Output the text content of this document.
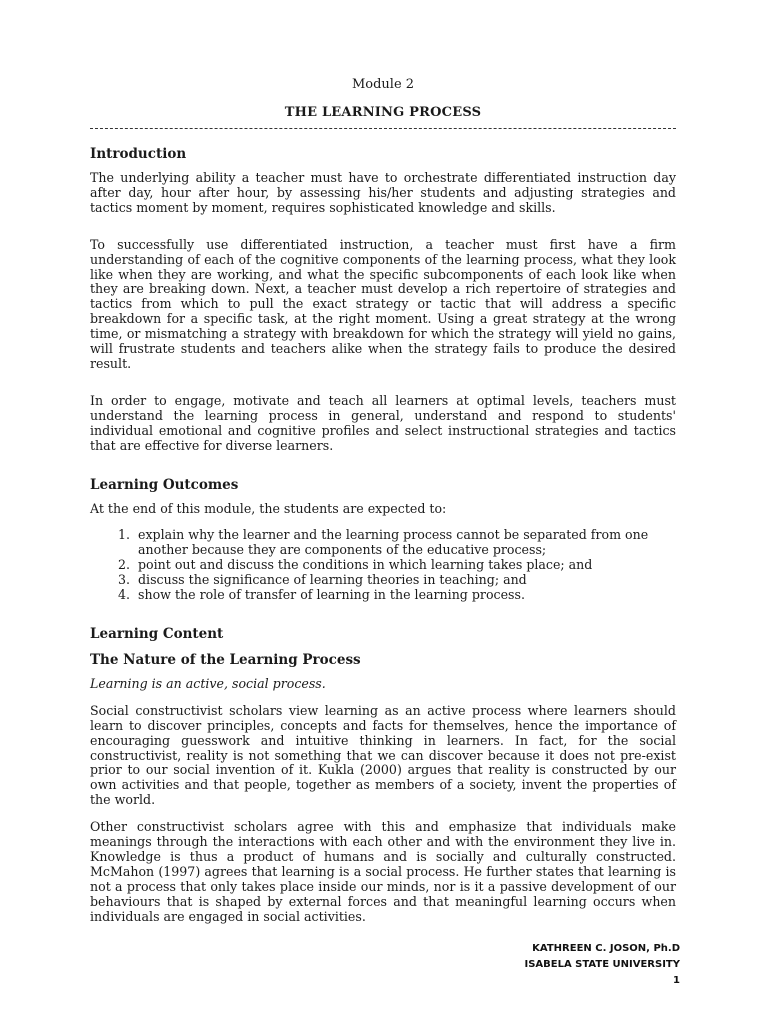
Module 2
THE LEARNING PROCESS
Introduction

The underlying ability a teacher must have to orchestrate differentiated instruction day after day, hour after hour, by assessing his/her students and adjusting strategies and tactics moment by moment, requires sophisticated knowledge and skills.

To successfully use differentiated instruction, a teacher must first have a firm understanding of each of the cognitive components of the learning process, what they look like when they are working, and what the specific subcomponents of each look like when they are breaking down. Next, a teacher must develop a rich repertoire of strategies and tactics from which to pull the exact strategy or tactic that will address a specific breakdown for a specific task, at the right moment. Using a great strategy at the wrong time, or mismatching a strategy with breakdown for which the strategy will yield no gains, will frustrate students and teachers alike when the strategy fails to produce the desired result.

In order to engage, motivate and teach all learners at optimal levels, teachers must understand the learning process in general, understand and respond to students' individual emotional and cognitive profiles and select instructional strategies and tactics that are effective for diverse learners.

Learning Outcomes

At the end of this module, the students are expected to:

1. explain why the learner and the learning process cannot be separated from one another because they are components of the educative process;
2. point out and discuss the conditions in which learning takes place; and
3. discuss the significance of learning theories in teaching; and
4. show the role of transfer of learning in the learning process.
Learning Content
The Nature of the Learning Process

Learning is an active, social process.

Social constructivist scholars view learning as an active process where learners should learn to discover principles, concepts and facts for themselves, hence the importance of encouraging guesswork and intuitive thinking in learners. In fact, for the social constructivist, reality is not something that we can discover because it does not pre-exist prior to our social invention of it. Kukla (2000) argues that reality is constructed by our own activities and that people, together as members of a society, invent the properties of the world.

Other constructivist scholars agree with this and emphasize that individuals make meanings through the interactions with each other and with the environment they live in. Knowledge is thus a product of humans and is socially and culturally constructed. McMahon (1997) agrees that learning is a social process. He further states that learning is not a process that only takes place inside our minds, nor is it a passive development of our behaviours that is shaped by external forces and that meaningful learning occurs when individuals are engaged in social activities.

KATHREEN C. JOSON, Ph.D
ISABELA STATE UNIVERSITY
1
